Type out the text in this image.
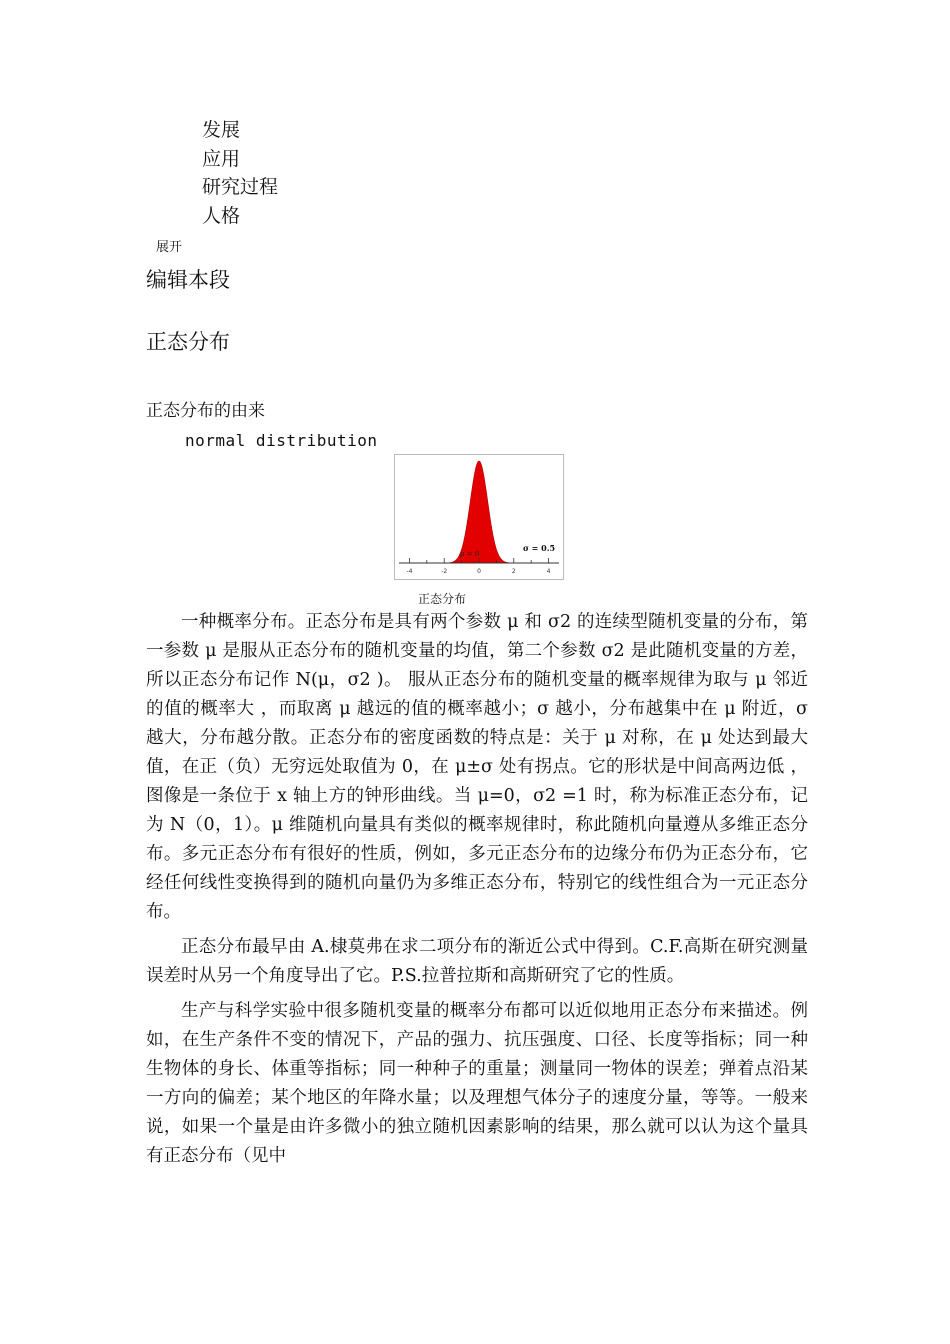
发展
应用
研究过程
人格
展开
编辑本段
正态分布
正态分布的由来
normal distribution
-4	-2	0	2	4
μ = 0
σ = 0.5
正态分布

一种概率分布。正态分布是具有两个参数 μ 和 σ2 的连续型随机变量的分布，第一参数 μ 是服从正态分布的随机变量的均值，第二个参数 σ2 是此随机变量的方差，所以正态分布记作 N(μ，σ2 )。 服从正态分布的随机变量的概率规律为取与 μ 邻近的值的概率大 ，而取离 μ 越远的值的概率越小；σ 越小，分布越集中在 μ 附近，σ 越大，分布越分散。正态分布的密度函数的特点是：关于 μ 对称，在 μ 处达到最大值，在正（负）无穷远处取值为 0，在 μ±σ 处有拐点。它的形状是中间高两边低 ，图像是一条位于 x 轴上方的钟形曲线。当 μ=0，σ2 =1 时，称为标准正态分布，记为 N（0，1）。μ 维随机向量具有类似的概率规律时，称此随机向量遵从多维正态分布。多元正态分布有很好的性质，例如，多元正态分布的边缘分布仍为正态分布，它经任何线性变换得到的随机向量仍为多维正态分布，特别它的线性组合为一元正态分布。

正态分布最早由 A.棣莫弗在求二项分布的渐近公式中得到。C.F.高斯在研究测量误差时从另一个角度导出了它。P.S.拉普拉斯和高斯研究了它的性质。

生产与科学实验中很多随机变量的概率分布都可以近似地用正态分布来描述。例如，在生产条件不变的情况下，产品的强力、抗压强度、口径、长度等指标；同一种生物体的身长、体重等指标；同一种种子的重量；测量同一物体的误差；弹着点沿某一方向的偏差；某个地区的年降水量；以及理想气体分子的速度分量，等等。一般来说，如果一个量是由许多微小的独立随机因素影响的结果，那么就可以认为这个量具有正态分布（见中
